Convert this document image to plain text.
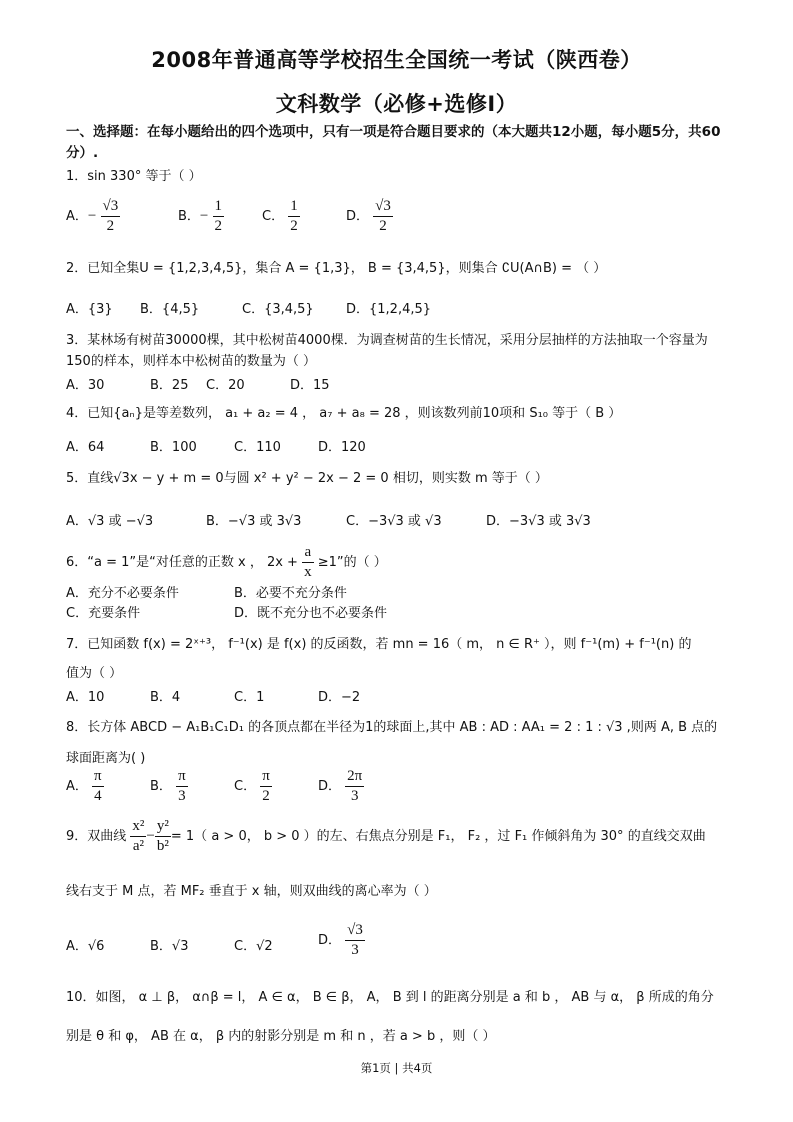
2008年普通高等学校招生全国统一考试（陕西卷）
文科数学（必修+选修Ⅰ）
一、选择题：在每小题给出的四个选项中，只有一项是符合题目要求的（本大题共12小题，每小题5分，共60分）.
1．sin 330° 等于（ ）
A．− $\frac{√3}{2}$	B．− $\frac{1}{2}$	C． $\frac{1}{2}$	D． $\frac{√3}{2}$
2．已知全集U = {1,2,3,4,5}，集合 A = {1,3}， B = {3,4,5}，则集合 ∁U(A∩B) = （ ）
A．{3} B．{4,5}	C．{3,4,5} D．{1,2,4,5}
3．某林场有树苗30000棵，其中松树苗4000棵．为调查树苗的生长情况，采用分层抽样的方法抽取一个容量为150的样本，则样本中松树苗的数量为（ ）
A．30	B．25 C．20	D．15
4．已知{aₙ}是等差数列， a₁ + a₂ = 4 ， a₇ + a₈ = 28 ，则该数列前10项和 S₁₀ 等于（ B ）
A．64	B．100	C．110	D．120
5．直线√3x − y + m = 0与圆 x² + y² − 2x − 2 = 0 相切，则实数 m 等于（ ）
A．√3 或 −√3	B．−√3 或 3√3	C．−3√3 或 √3	D．−3√3 或 3√3
6．“a = 1”是“对任意的正数 x ， $2x + \frac{a}{x} \ge 1$”的（ ）
A．充分不必要条件	B．必要不充分条件
C．充要条件	D．既不充分也不必要条件
7．已知函数 f(x) = 2ˣ⁺³， f⁻¹(x) 是 f(x) 的反函数，若 mn = 16（ m， n ∈ R⁺ ），则 f⁻¹(m) + f⁻¹(n) 的
值为（ ）
A．10	B．4	C．1	D．−2
8．长方体 ABCD − A₁B₁C₁D₁ 的各顶点都在半径为1的球面上,其中 AB : AD : AA₁ = 2 : 1 : √3 ,则两 A, B 点的
球面距离为( )
A． $\frac{\pi}{4}$	B． $\frac{\pi}{3}$	C． $\frac{\pi}{2}$	D． $\frac{2\pi}{3}$
9．双曲线 $\frac{\text{x²}}{\text{a²}} - \frac{\text{y²}}{\text{b²}} = 1$（ a > 0， b > 0 ）的左、右焦点分别是 F₁， F₂ ，过 F₁ 作倾斜角为 30° 的直线交双曲
线右支于 M 点，若 MF₂ 垂直于 x 轴，则双曲线的离心率为（ ）
A．√6	B．√3	C．√2	D． $\frac{√3}{3}$
10．如图， α ⊥ β， α∩β = l， A ∈ α， B ∈ β， A， B 到 l 的距离分别是 a 和 b ， AB 与 α， β 所成的角分
别是 θ 和 φ， AB 在 α， β 内的射影分别是 m 和 n ，若 a > b ，则（ ）
第1页 | 共4页
